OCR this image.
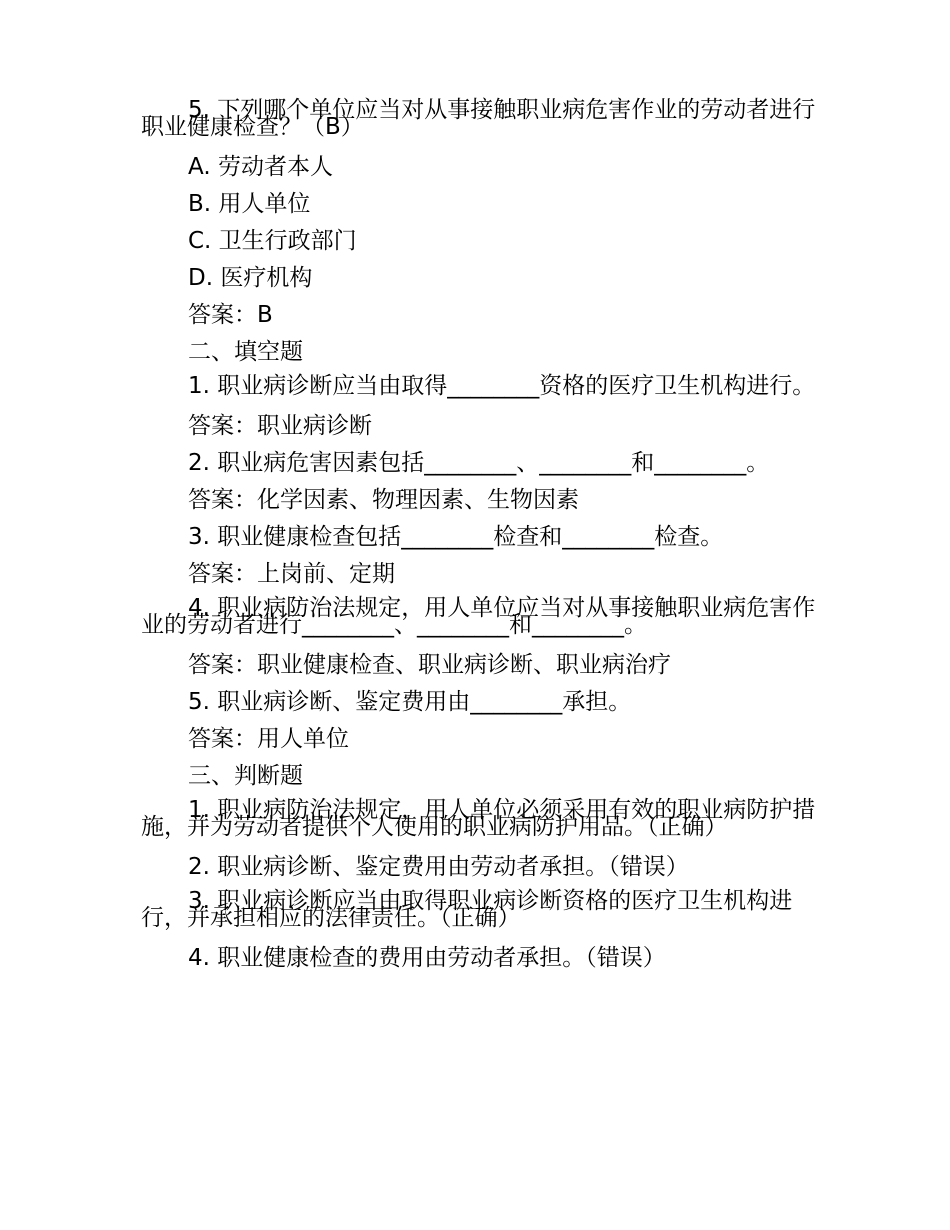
5. 下列哪个单位应当对从事接触职业病危害作业的劳动者进行职业健康检查？（B）

A. 劳动者本人

B. 用人单位

C. 卫生行政部门

D. 医疗机构

答案：B

二、填空题

1. 职业病诊断应当由取得________资格的医疗卫生机构进行。

答案：职业病诊断

2. 职业病危害因素包括________、________和________。

答案：化学因素、物理因素、生物因素

3. 职业健康检查包括________检查和________检查。

答案：上岗前、定期

4. 职业病防治法规定，用人单位应当对从事接触职业病危害作业的劳动者进行________、________和________。

答案：职业健康检查、职业病诊断、职业病治疗

5. 职业病诊断、鉴定费用由________承担。

答案：用人单位

三、判断题

1. 职业病防治法规定，用人单位必须采用有效的职业病防护措施，并为劳动者提供个人使用的职业病防护用品。（正确）

2. 职业病诊断、鉴定费用由劳动者承担。（错误）

3. 职业病诊断应当由取得职业病诊断资格的医疗卫生机构进行，并承担相应的法律责任。（正确）

4. 职业健康检查的费用由劳动者承担。（错误）
